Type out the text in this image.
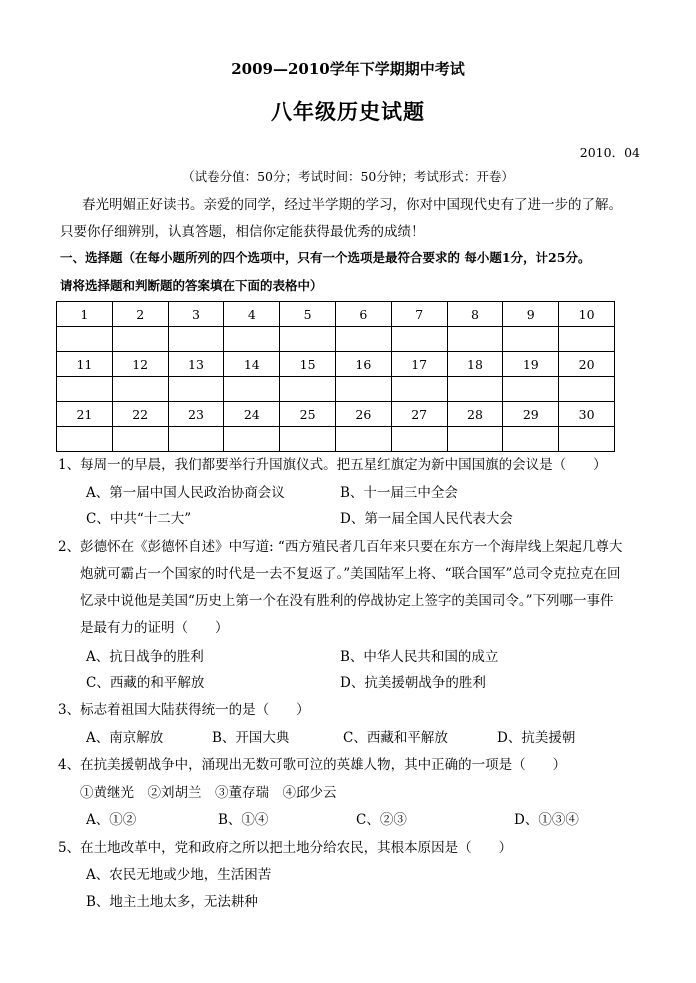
2009—2010学年下学期期中考试
八年级历史试题
2010．04
（试卷分值：50分；考试时间：50分钟；考试形式：开卷）
春光明媚正好读书。亲爱的同学，经过半学期的学习，你对中国现代史有了进一步的了解。
只要你仔细辨别，认真答题，相信你定能获得最优秀的成绩！
一、选择题（在每小题所列的四个选项中，只有一个选项是最符合要求的 每小题1分，计25分。
请将选择题和判断题的答案填在下面的表格中）
1	2	3	4	5	6	7	8	9	10

11	12	13	14	15	16	17	18	19	20

21	22	23	24	25	26	27	28	29	30

1、每周一的早晨，我们都要举行升国旗仪式。把五星红旗定为新中国国旗的会议是（　　）
A、第一届中国人民政治协商会议	B、十一届三中全会
C、中共“十二大”	D、第一届全国人民代表大会
2、彭德怀在《彭德怀自述》中写道: “西方殖民者几百年来只要在东方一个海岸线上架起几尊大
炮就可霸占一个国家的时代是一去不复返了。”美国陆军上将、“联合国军”总司令克拉克在回
忆录中说他是美国“历史上第一个在没有胜利的停战协定上签字的美国司令。”下列哪一事件
是最有力的证明（　　）
A、抗日战争的胜利	B、中华人民共和国的成立
C、西藏的和平解放	D、抗美援朝战争的胜利
3、标志着祖国大陆获得统一的是（　　）
A、南京解放	B、开国大典	C、西藏和平解放	D、抗美援朝
4、在抗美援朝战争中，涌现出无数可歌可泣的英雄人物，其中正确的一项是（　　）
①黄继光　②刘胡兰　③董存瑞　④邱少云
A、①②	B、①④	C、②③	D、①③④
5、在土地改革中，党和政府之所以把土地分给农民，其根本原因是（　　）
A、农民无地或少地，生活困苦
B、地主土地太多，无法耕种
